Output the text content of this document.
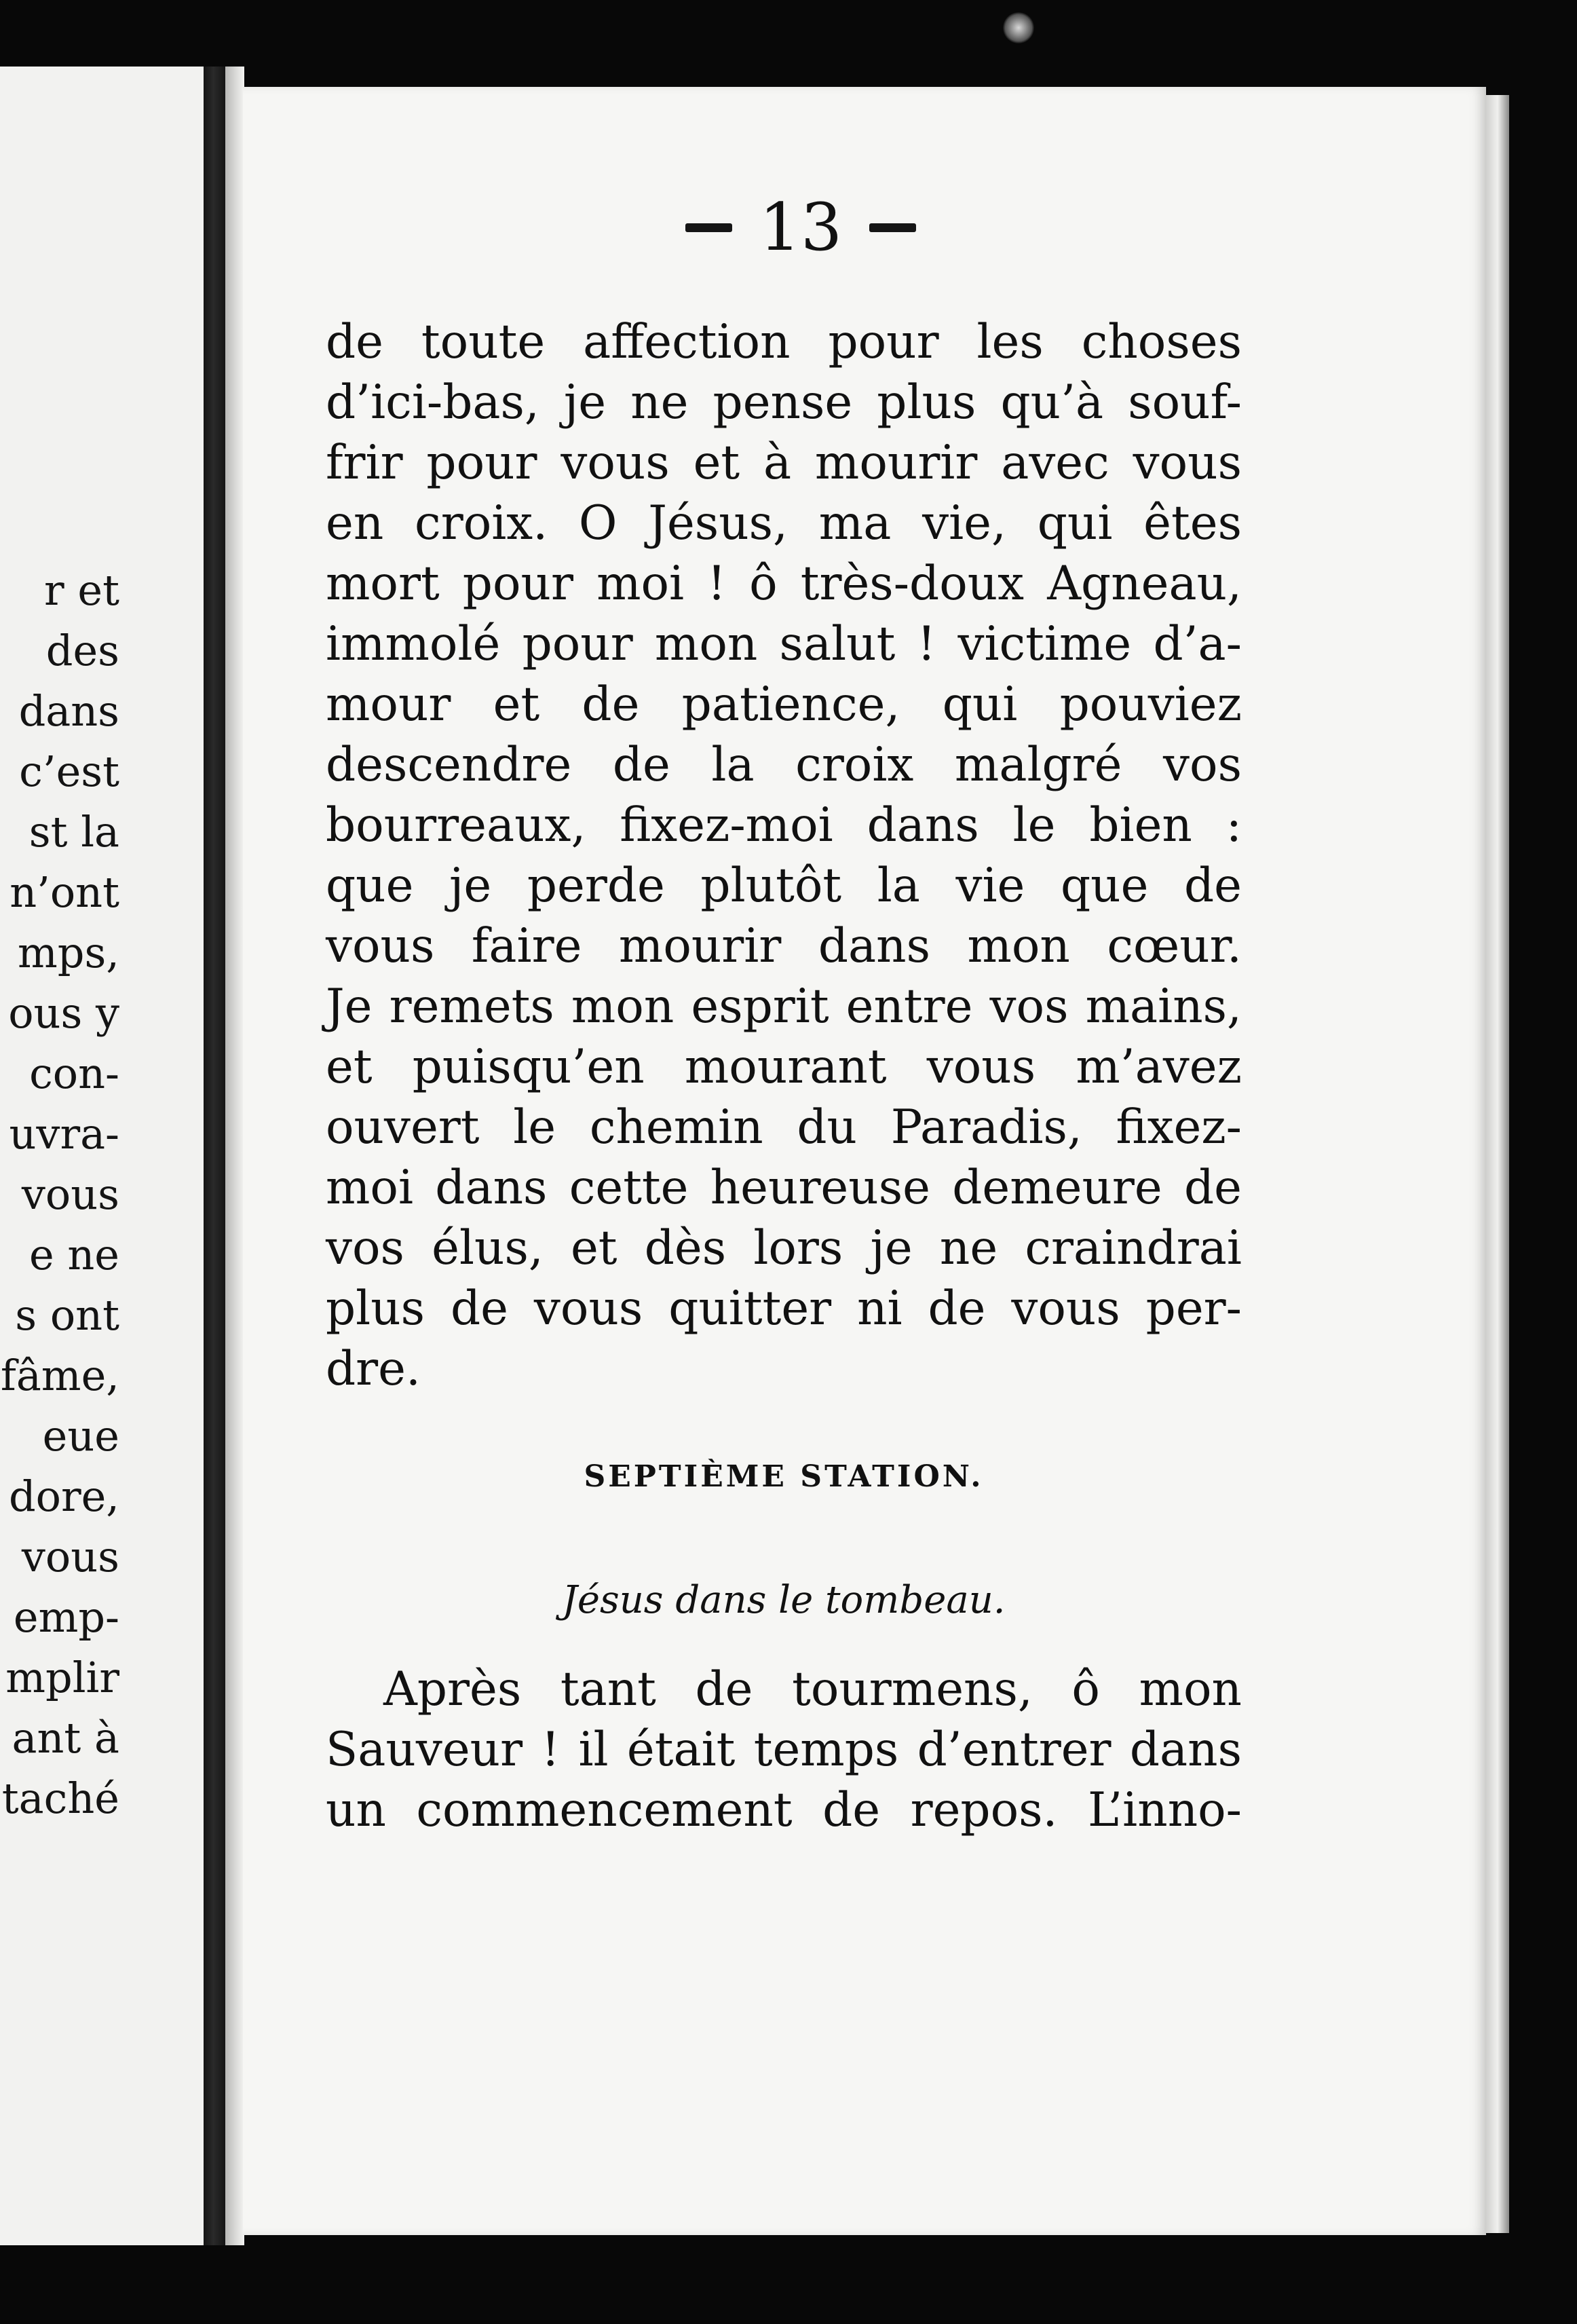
r et
des
dans
c’est
st la
n’ont
mps,
ous y
con-
uvra-
vous
e ne
s ont
fâme,
eue
dore,
vous
emp-
mplir
ant à
taché
13
de toute affection pour les choses
d’ici-bas, je ne pense plus qu’à souf-
frir pour vous et à mourir avec vous
en croix. O Jésus, ma vie, qui êtes
mort pour moi ! ô très-doux Agneau,
immolé pour mon salut ! victime d’a-
mour et de patience, qui pouviez
descendre de la croix malgré vos
bourreaux, fixez-moi dans le bien :
que je perde plutôt la vie que de
vous faire mourir dans mon cœur.
Je remets mon esprit entre vos mains,
et puisqu’en mourant vous m’avez
ouvert le chemin du Paradis, fixez-
moi dans cette heureuse demeure de
vos élus, et dès lors je ne craindrai
plus de vous quitter ni de vous per-
dre.
SEPTIÈME STATION.
Jésus dans le tombeau.
Après tant de tourmens, ô mon
Sauveur ! il était temps d’entrer dans
un commencement de repos. L’inno-
